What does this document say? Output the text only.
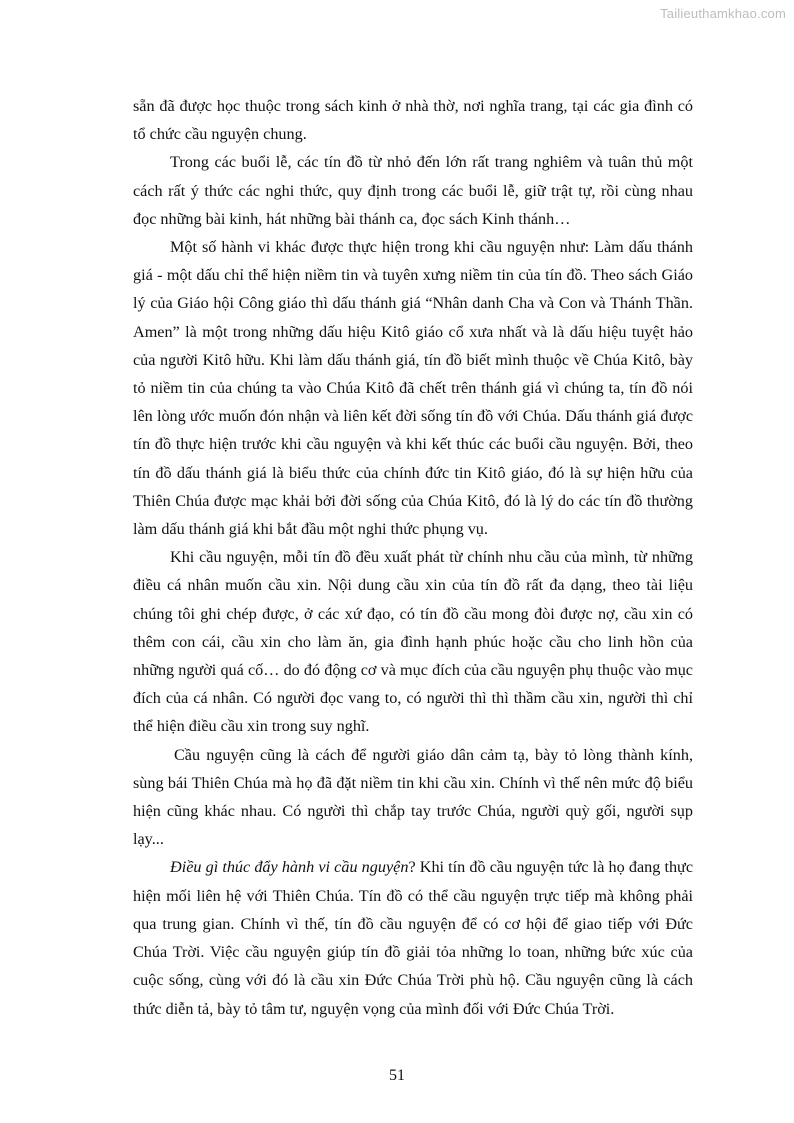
Tailieuthamkhao.com

sẵn đã được học thuộc trong sách kinh ở nhà thờ, nơi nghĩa trang, tại các gia đình có tổ chức cầu nguyện chung.

Trong các buổi lễ, các tín đồ từ nhỏ đến lớn rất trang nghiêm và tuân thủ một cách rất ý thức các nghi thức, quy định trong các buổi lễ, giữ trật tự, rồi cùng nhau đọc những bài kinh, hát những bài thánh ca, đọc sách Kinh thánh…

Một số hành vi khác được thực hiện trong khi cầu nguyện như: Làm dấu thánh giá - một dấu chỉ thể hiện niềm tin và tuyên xưng niềm tin của tín đồ. Theo sách Giáo lý của Giáo hội Công giáo thì dấu thánh giá “Nhân danh Cha và Con và Thánh Thần. Amen” là một trong những dấu hiệu Kitô giáo cổ xưa nhất và là dấu hiệu tuyệt hảo của người Kitô hữu. Khi làm dấu thánh giá, tín đồ biết mình thuộc về Chúa Kitô, bày tỏ niềm tin của chúng ta vào Chúa Kitô đã chết trên thánh giá vì chúng ta, tín đồ nói lên lòng ước muốn đón nhận và liên kết đời sống tín đồ với Chúa. Dấu thánh giá được tín đồ thực hiện trước khi cầu nguyện và khi kết thúc các buổi cầu nguyện. Bởi, theo tín đồ dấu thánh giá là biểu thức của chính đức tin Kitô giáo, đó là sự hiện hữu của Thiên Chúa được mạc khải bởi đời sống của Chúa Kitô, đó là lý do các tín đồ thường làm dấu thánh giá khi bắt đầu một nghi thức phụng vụ.

Khi cầu nguyện, mỗi tín đồ đều xuất phát từ chính nhu cầu của mình, từ những điều cá nhân muốn cầu xin. Nội dung cầu xin của tín đồ rất đa dạng, theo tài liệu chúng tôi ghi chép được, ở các xứ đạo, có tín đồ cầu mong đòi được nợ, cầu xin có thêm con cái, cầu xin cho làm ăn, gia đình hạnh phúc hoặc cầu cho linh hồn của những người quá cố… do đó động cơ và mục đích của cầu nguyện phụ thuộc vào mục đích của cá nhân. Có người đọc vang to, có người thì thì thầm cầu xin, người thì chỉ thể hiện điều cầu xin trong suy nghĩ.

Cầu nguyện cũng là cách để người giáo dân cảm tạ, bày tỏ lòng thành kính, sùng bái Thiên Chúa mà họ đã đặt niềm tin khi cầu xin. Chính vì thế nên mức độ biểu hiện cũng khác nhau. Có người thì chắp tay trước Chúa, người quỳ gối, người sụp lạy...

Điều gì thúc đẩy hành vi cầu nguyện? Khi tín đồ cầu nguyện tức là họ đang thực hiện mối liên hệ với Thiên Chúa. Tín đồ có thể cầu nguyện trực tiếp mà không phải qua trung gian. Chính vì thế, tín đồ cầu nguyện để có cơ hội để giao tiếp với Đức Chúa Trời. Việc cầu nguyện giúp tín đồ giải tỏa những lo toan, những bức xúc của cuộc sống, cùng với đó là cầu xin Đức Chúa Trời phù hộ. Cầu nguyện cũng là cách thức diễn tả, bày tỏ tâm tư, nguyện vọng của mình đối với Đức Chúa Trời.

51
